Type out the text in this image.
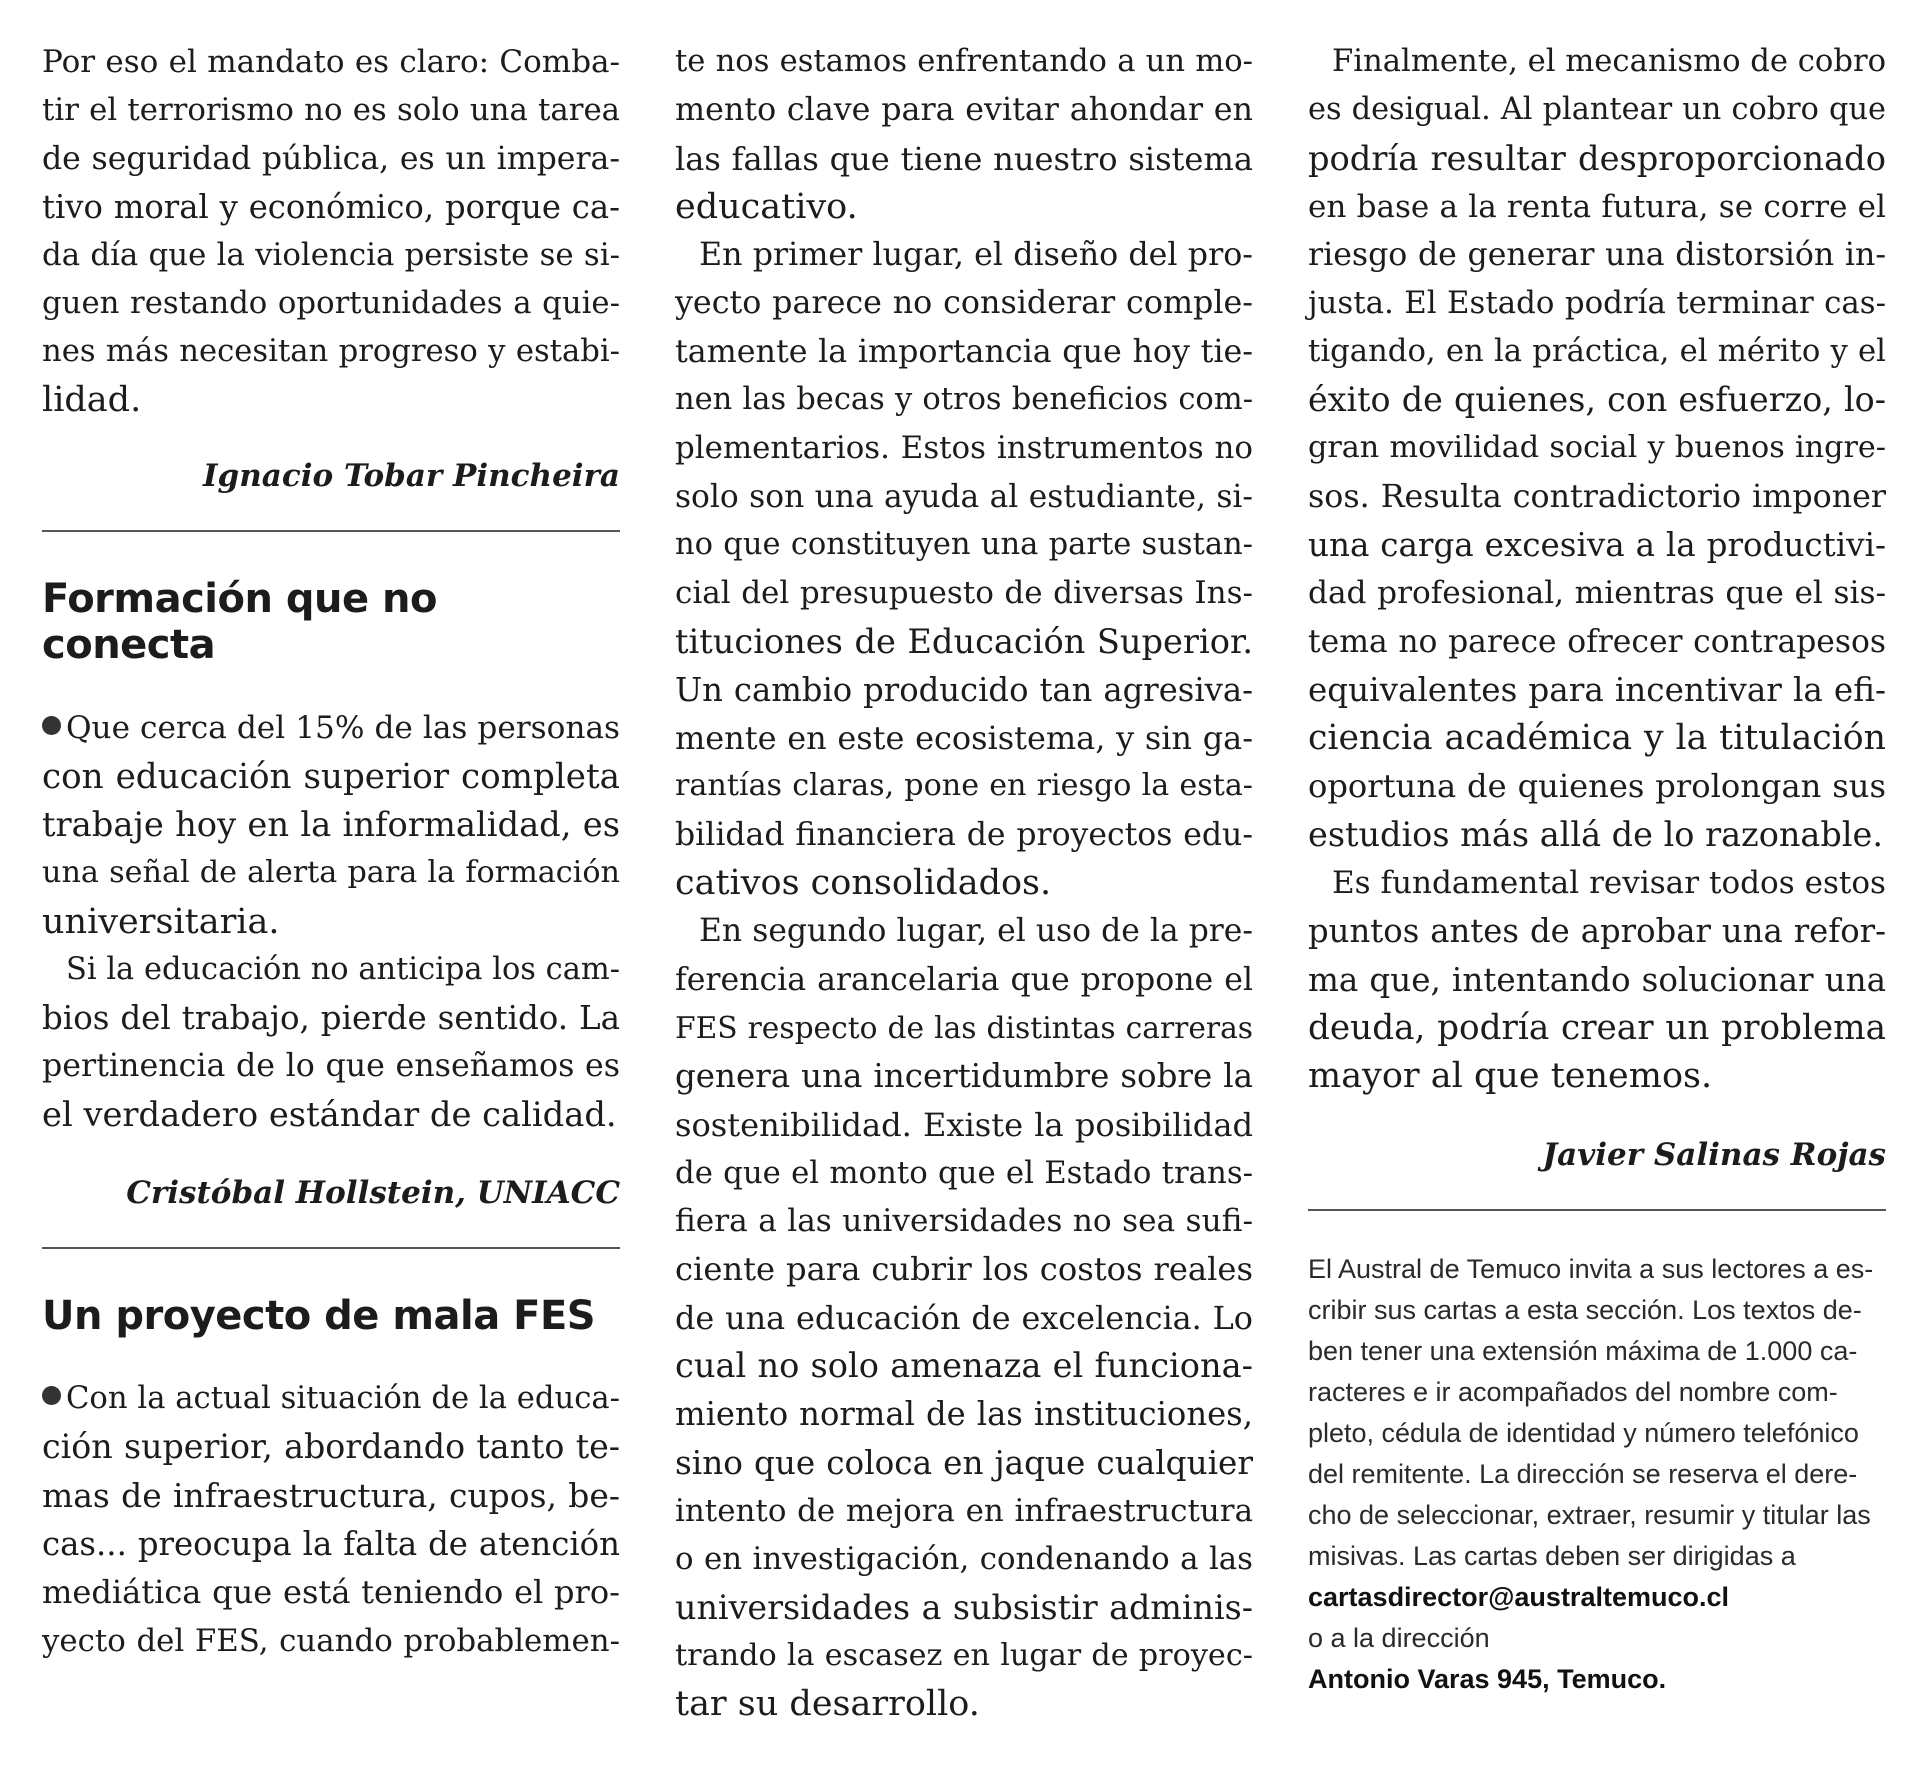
Por eso el mandato es claro: Comba-
tir el terrorismo no es solo una tarea
de seguridad pública, es un impera-
tivo moral y económico, porque ca-
da día que la violencia persiste se si-
guen restando oportunidades a quie-
nes más necesitan progreso y estabi-
lidad.

Ignacio Tobar Pincheira

Formación que no conecta

Que cerca del 15% de las personas
con educación superior completa
trabaje hoy en la informalidad, es
una señal de alerta para la formación
universitaria.

Si la educación no anticipa los cam-
bios del trabajo, pierde sentido. La
pertinencia de lo que enseñamos es
el verdadero estándar de calidad.

Cristóbal Hollstein, UNIACC

Un proyecto de mala FES

Con la actual situación de la educa-
ción superior, abordando tanto te-
mas de infraestructura, cupos, be-
cas... preocupa la falta de atención
mediática que está teniendo el pro-
yecto del FES, cuando probablemen-

te nos estamos enfrentando a un mo-
mento clave para evitar ahondar en
las fallas que tiene nuestro sistema
educativo.

En primer lugar, el diseño del pro-
yecto parece no considerar comple-
tamente la importancia que hoy tie-
nen las becas y otros beneficios com-
plementarios. Estos instrumentos no
solo son una ayuda al estudiante, si-
no que constituyen una parte sustan-
cial del presupuesto de diversas Ins-
tituciones de Educación Superior.
Un cambio producido tan agresiva-
mente en este ecosistema, y sin ga-
rantías claras, pone en riesgo la esta-
bilidad financiera de proyectos edu-
cativos consolidados.

En segundo lugar, el uso de la pre-
ferencia arancelaria que propone el
FES respecto de las distintas carreras
genera una incertidumbre sobre la
sostenibilidad. Existe la posibilidad
de que el monto que el Estado trans-
fiera a las universidades no sea sufi-
ciente para cubrir los costos reales
de una educación de excelencia. Lo
cual no solo amenaza el funciona-
miento normal de las instituciones,
sino que coloca en jaque cualquier
intento de mejora en infraestructura
o en investigación, condenando a las
universidades a subsistir adminis-
trando la escasez en lugar de proyec-
tar su desarrollo.

Finalmente, el mecanismo de cobro
es desigual. Al plantear un cobro que
podría resultar desproporcionado
en base a la renta futura, se corre el
riesgo de generar una distorsión in-
justa. El Estado podría terminar cas-
tigando, en la práctica, el mérito y el
éxito de quienes, con esfuerzo, lo-
gran movilidad social y buenos ingre-
sos. Resulta contradictorio imponer
una carga excesiva a la productivi-
dad profesional, mientras que el sis-
tema no parece ofrecer contrapesos
equivalentes para incentivar la efi-
ciencia académica y la titulación
oportuna de quienes prolongan sus
estudios más allá de lo razonable.

Es fundamental revisar todos estos
puntos antes de aprobar una refor-
ma que, intentando solucionar una
deuda, podría crear un problema
mayor al que tenemos.

Javier Salinas Rojas

El Austral de Temuco invita a sus lectores a es-
cribir sus cartas a esta sección. Los textos de-
ben tener una extensión máxima de 1.000 ca-
racteres e ir acompañados del nombre com-
pleto, cédula de identidad y número telefónico
del remitente. La dirección se reserva el dere-
cho de seleccionar, extraer, resumir y titular las
misivas. Las cartas deben ser dirigidas a
cartasdirector@australtemuco.cl
o a la dirección
Antonio Varas 945, Temuco.
